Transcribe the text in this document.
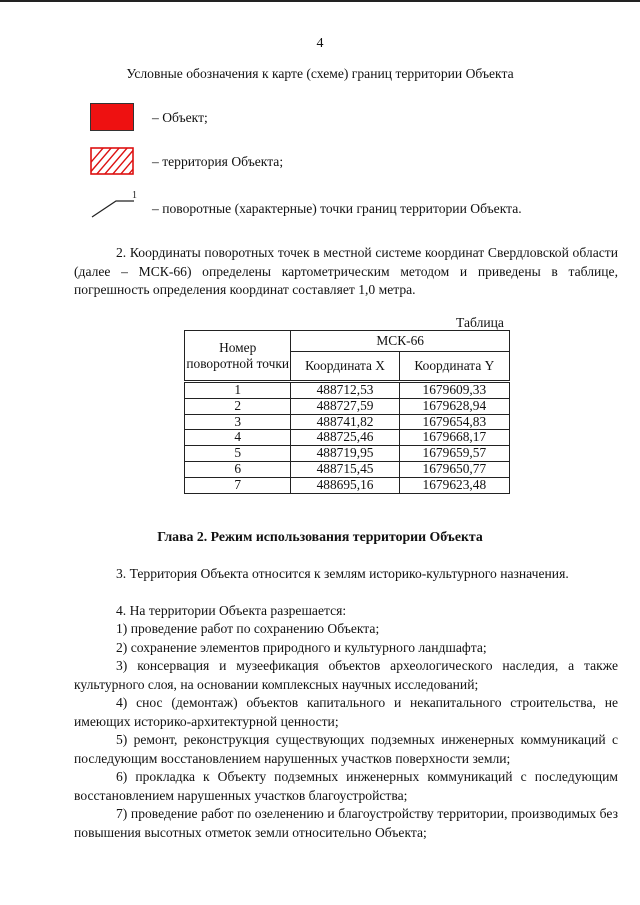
4
Условные обозначения к карте (схеме) границ территории Объекта
– Объект;
– территория Объекта;
1
– поворотные (характерные) точки границ территории Объекта.
2. Координаты поворотных точек в местной системе координат Свердловской области (далее – МСК-66) определены картометрическим методом и приведены в таблице, погрешность определения координат составляет 1,0 метра.
Таблица
Номер поворотной точки	МСК-66	
	Координата X	Координата Y
1	488712,53	1679609,33
2	488727,59	1679628,94
3	488741,82	1679654,83
4	488725,46	1679668,17
5	488719,95	1679659,57
6	488715,45	1679650,77
7	488695,16	1679623,48
Глава 2. Режим использования территории Объекта
3. Территория Объекта относится к землям историко-культурного назначения.
4. На территории Объекта разрешается:
1) проведение работ по сохранению Объекта;
2) сохранение элементов природного и культурного ландшафта;
3) консервация и музеефикация объектов археологического наследия, а также культурного слоя, на основании комплексных научных исследований;
4) снос (демонтаж) объектов капитального и некапитального строительства, не имеющих историко-архитектурной ценности;
5) ремонт, реконструкция существующих подземных инженерных коммуникаций с последующим восстановлением нарушенных участков поверхности земли;
6) прокладка к Объекту подземных инженерных коммуникаций с последующим восстановлением нарушенных участков благоустройства;
7) проведение работ по озеленению и благоустройству территории, производимых без повышения высотных отметок земли относительно Объекта;
